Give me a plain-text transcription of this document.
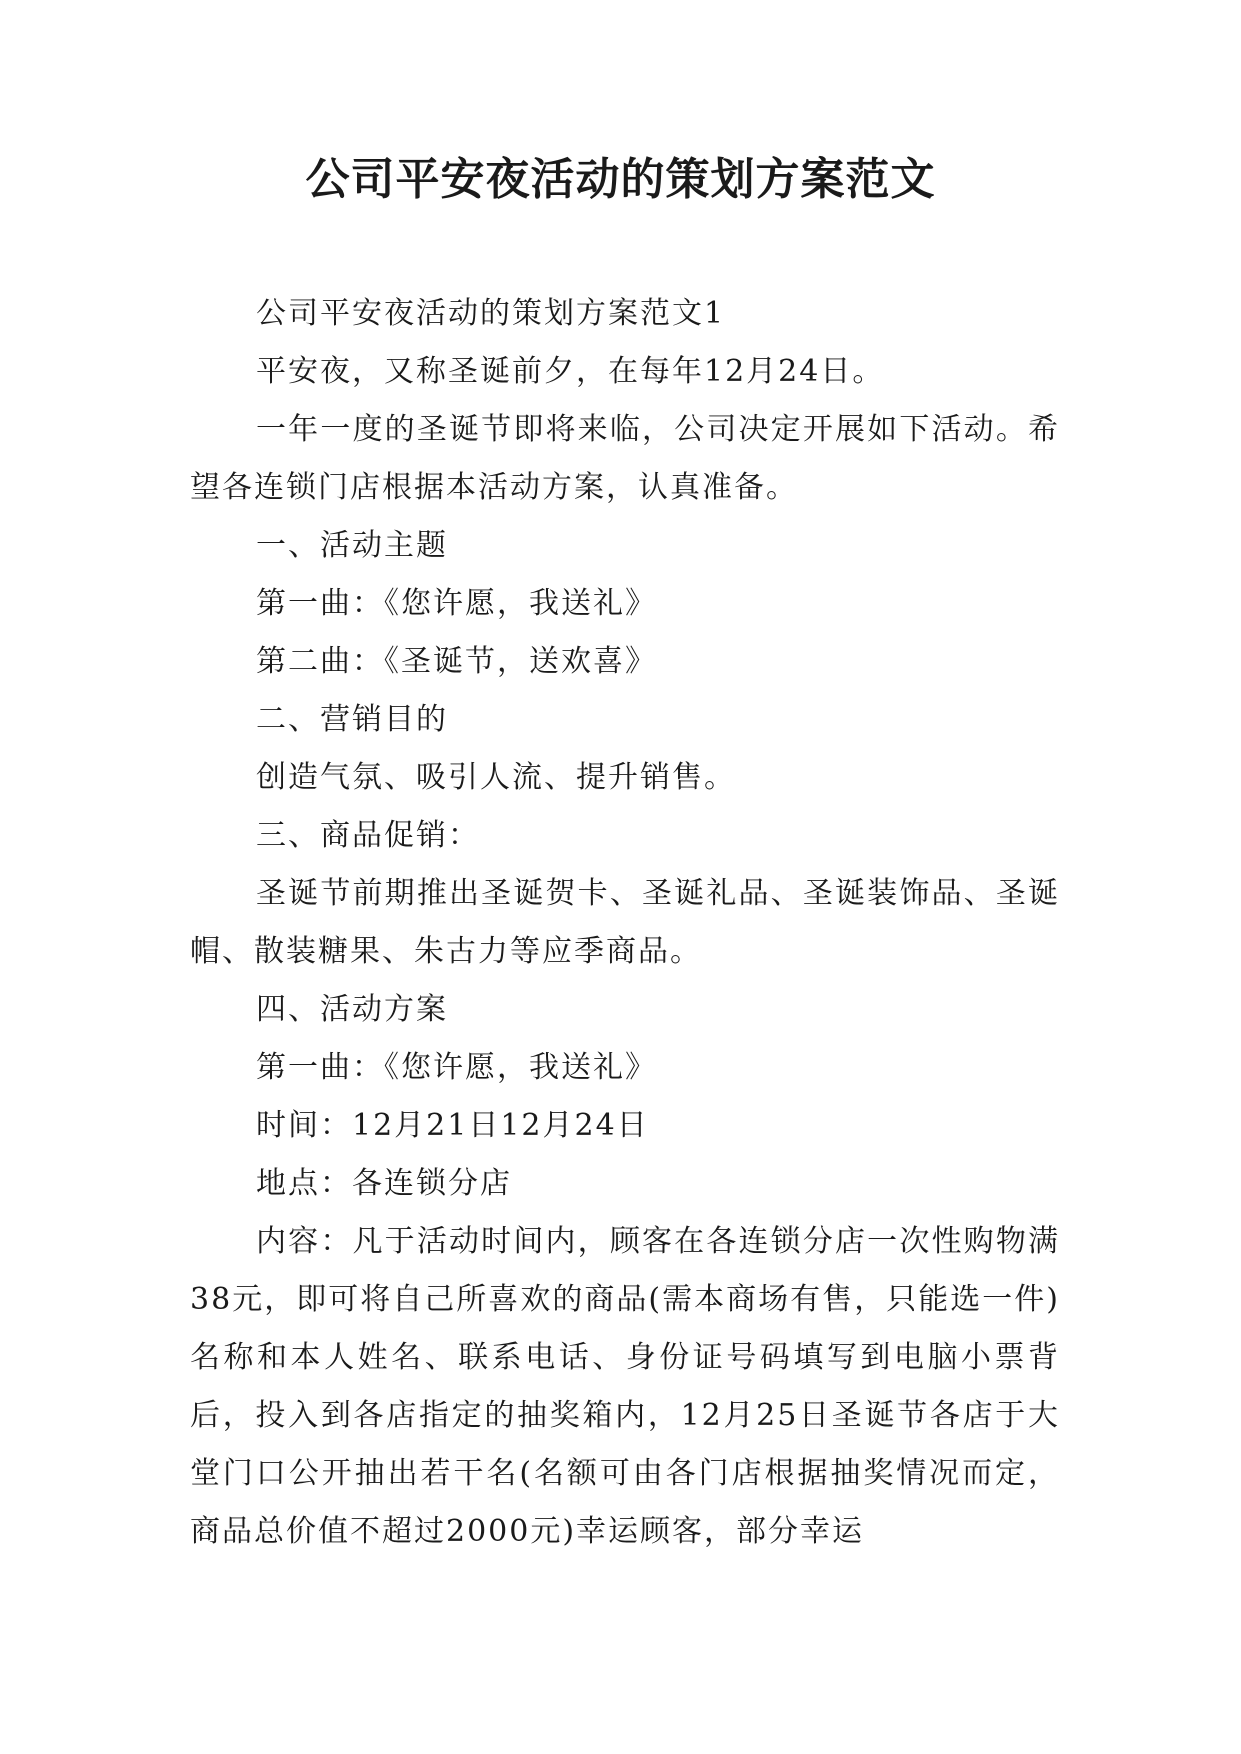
公司平安夜活动的策划方案范文

公司平安夜活动的策划方案范文1

平安夜，又称圣诞前夕，在每年12月24日。

一年一度的圣诞节即将来临，公司决定开展如下活动。希望各连锁门店根据本活动方案，认真准备。

一、活动主题

第一曲：《您许愿，我送礼》

第二曲：《圣诞节，送欢喜》

二、营销目的

创造气氛、吸引人流、提升销售。

三、商品促销：

圣诞节前期推出圣诞贺卡、圣诞礼品、圣诞装饰品、圣诞帽、散装糖果、朱古力等应季商品。

四、活动方案

第一曲：《您许愿，我送礼》

时间：12月21日12月24日

地点：各连锁分店

内容：凡于活动时间内，顾客在各连锁分店一次性购物满38元，即可将自己所喜欢的商品(需本商场有售，只能选一件)名称和本人姓名、联系电话、身份证号码填写到电脑小票背后，投入到各店指定的抽奖箱内，12月25日圣诞节各店于大堂门口公开抽出若干名(名额可由各门店根据抽奖情况而定，商品总价值不超过2000元)幸运顾客，部分幸运
